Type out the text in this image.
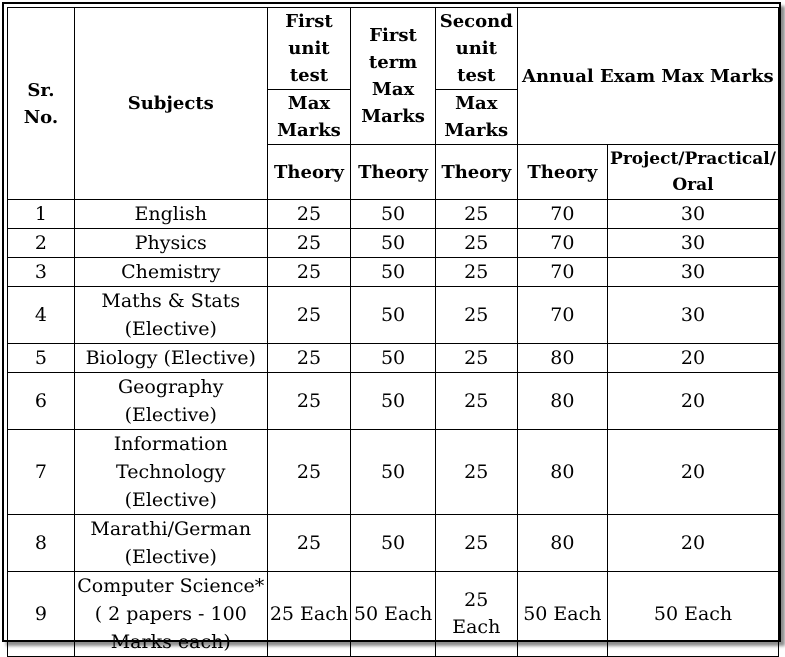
Sr. No.	Subjects	First unit test	First term Max Marks	Second unit test	Annual Exam Max Marks	
		Max Marks		Max Marks		
		Theory	Theory	Theory	Theory	Project/Practical/ Oral
1	English	25	50	25	70	30
2	Physics	25	50	25	70	30
3	Chemistry	25	50	25	70	30
4	Maths & Stats (Elective)	25	50	25	70	30
5	Biology (Elective)	25	50	25	80	20
6	Geography (Elective)	25	50	25	80	20
7	Information Technology (Elective)	25	50	25	80	20
8	Marathi/German (Elective)	25	50	25	80	20
9	Computer Science* ( 2 papers - 100 Marks each)	25 Each	50 Each	25 Each	50 Each	50 Each
